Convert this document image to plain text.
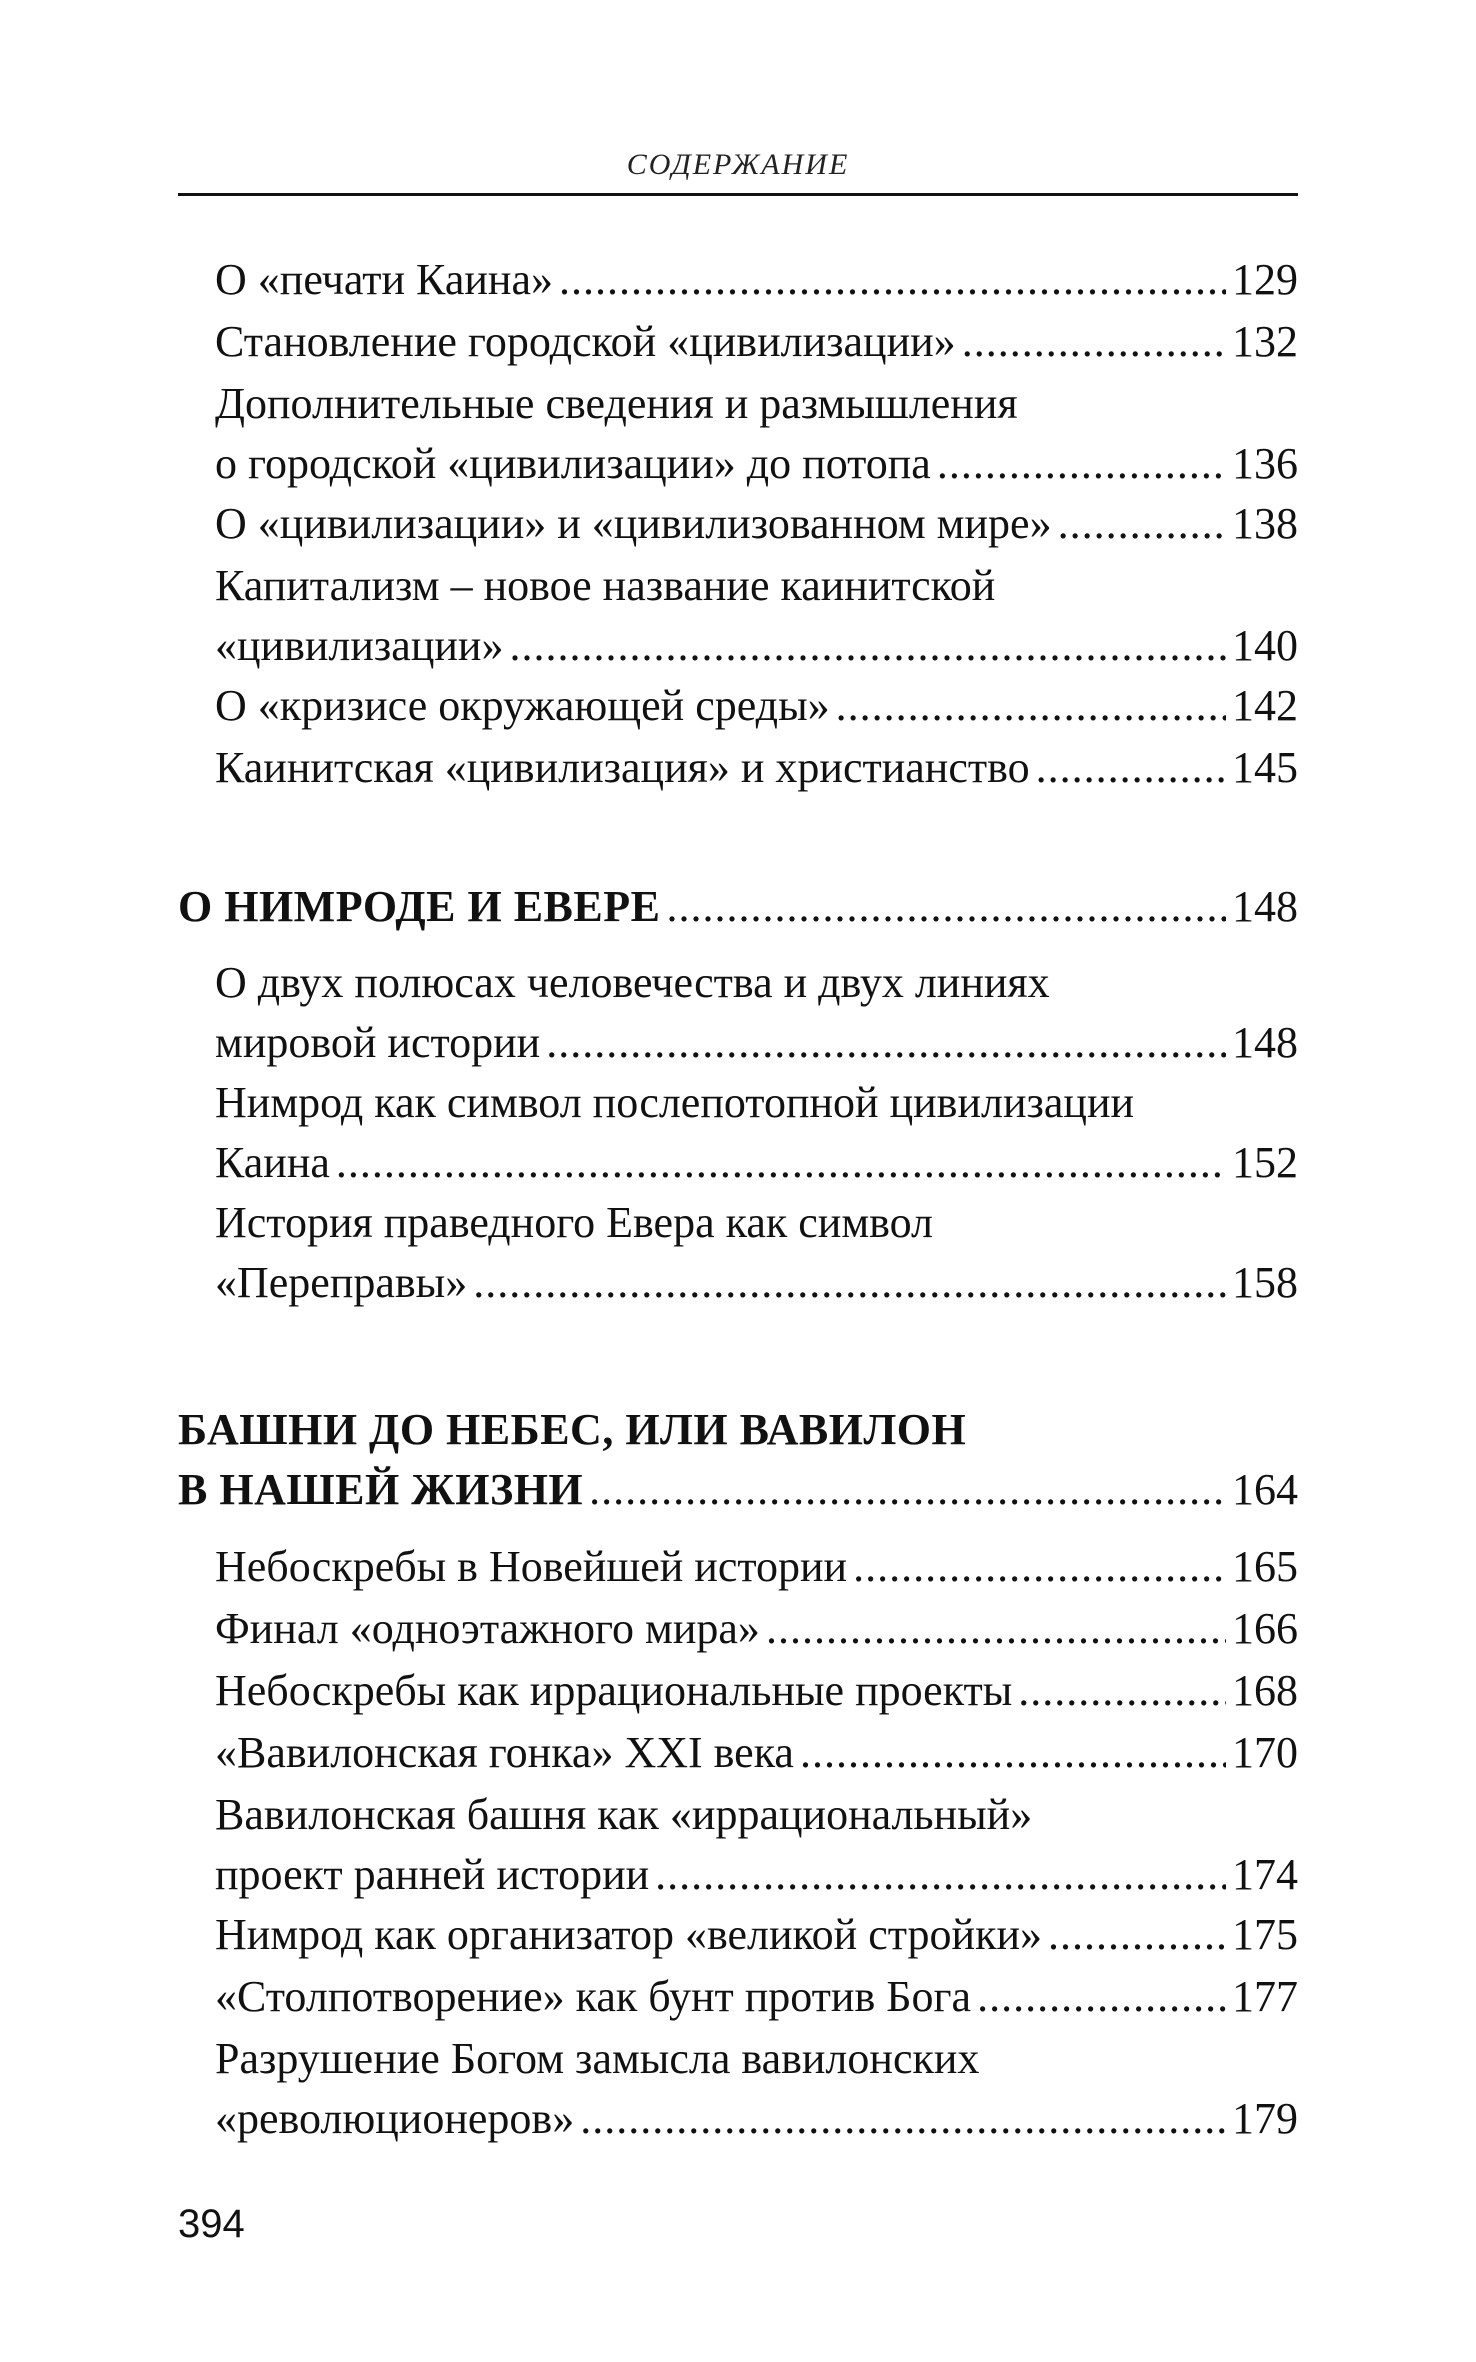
СОДЕРЖАНИЕ
О «печати Каина» .....	129
Становление городской «цивилизации» .....	132
Дополнительные сведения и размышления
о городской «цивилизации» до потопа .....	136
О «цивилизации» и «цивилизованном мире» .....	138
Капитализм – новое название каинитской
«цивилизации» .....	140
О «кризисе окружающей среды» .....	142
Каинитская «цивилизация» и христианство .....	145
О НИМРОДЕ И ЕВЕРЕ .....	148
О двух полюсах человечества и двух линиях
мировой истории .....	148
Нимрод как символ послепотопной цивилизации
Каина .....	152
История праведного Евера как символ
«Переправы» .....	158
БАШНИ ДО НЕБЕС, ИЛИ ВАВИЛОН
В НАШЕЙ ЖИЗНИ .....	164
Небоскребы в Новейшей истории .....	165
Финал «одноэтажного мира» .....	166
Небоскребы как иррациональные проекты .....	168
«Вавилонская гонка» XXI века .....	170
Вавилонская башня как «иррациональный»
проект ранней истории .....	174
Нимрод как организатор «великой стройки» .....	175
«Столпотворение» как бунт против Бога .....	177
Разрушение Богом замысла вавилонских
«революционеров» .....	179
394
